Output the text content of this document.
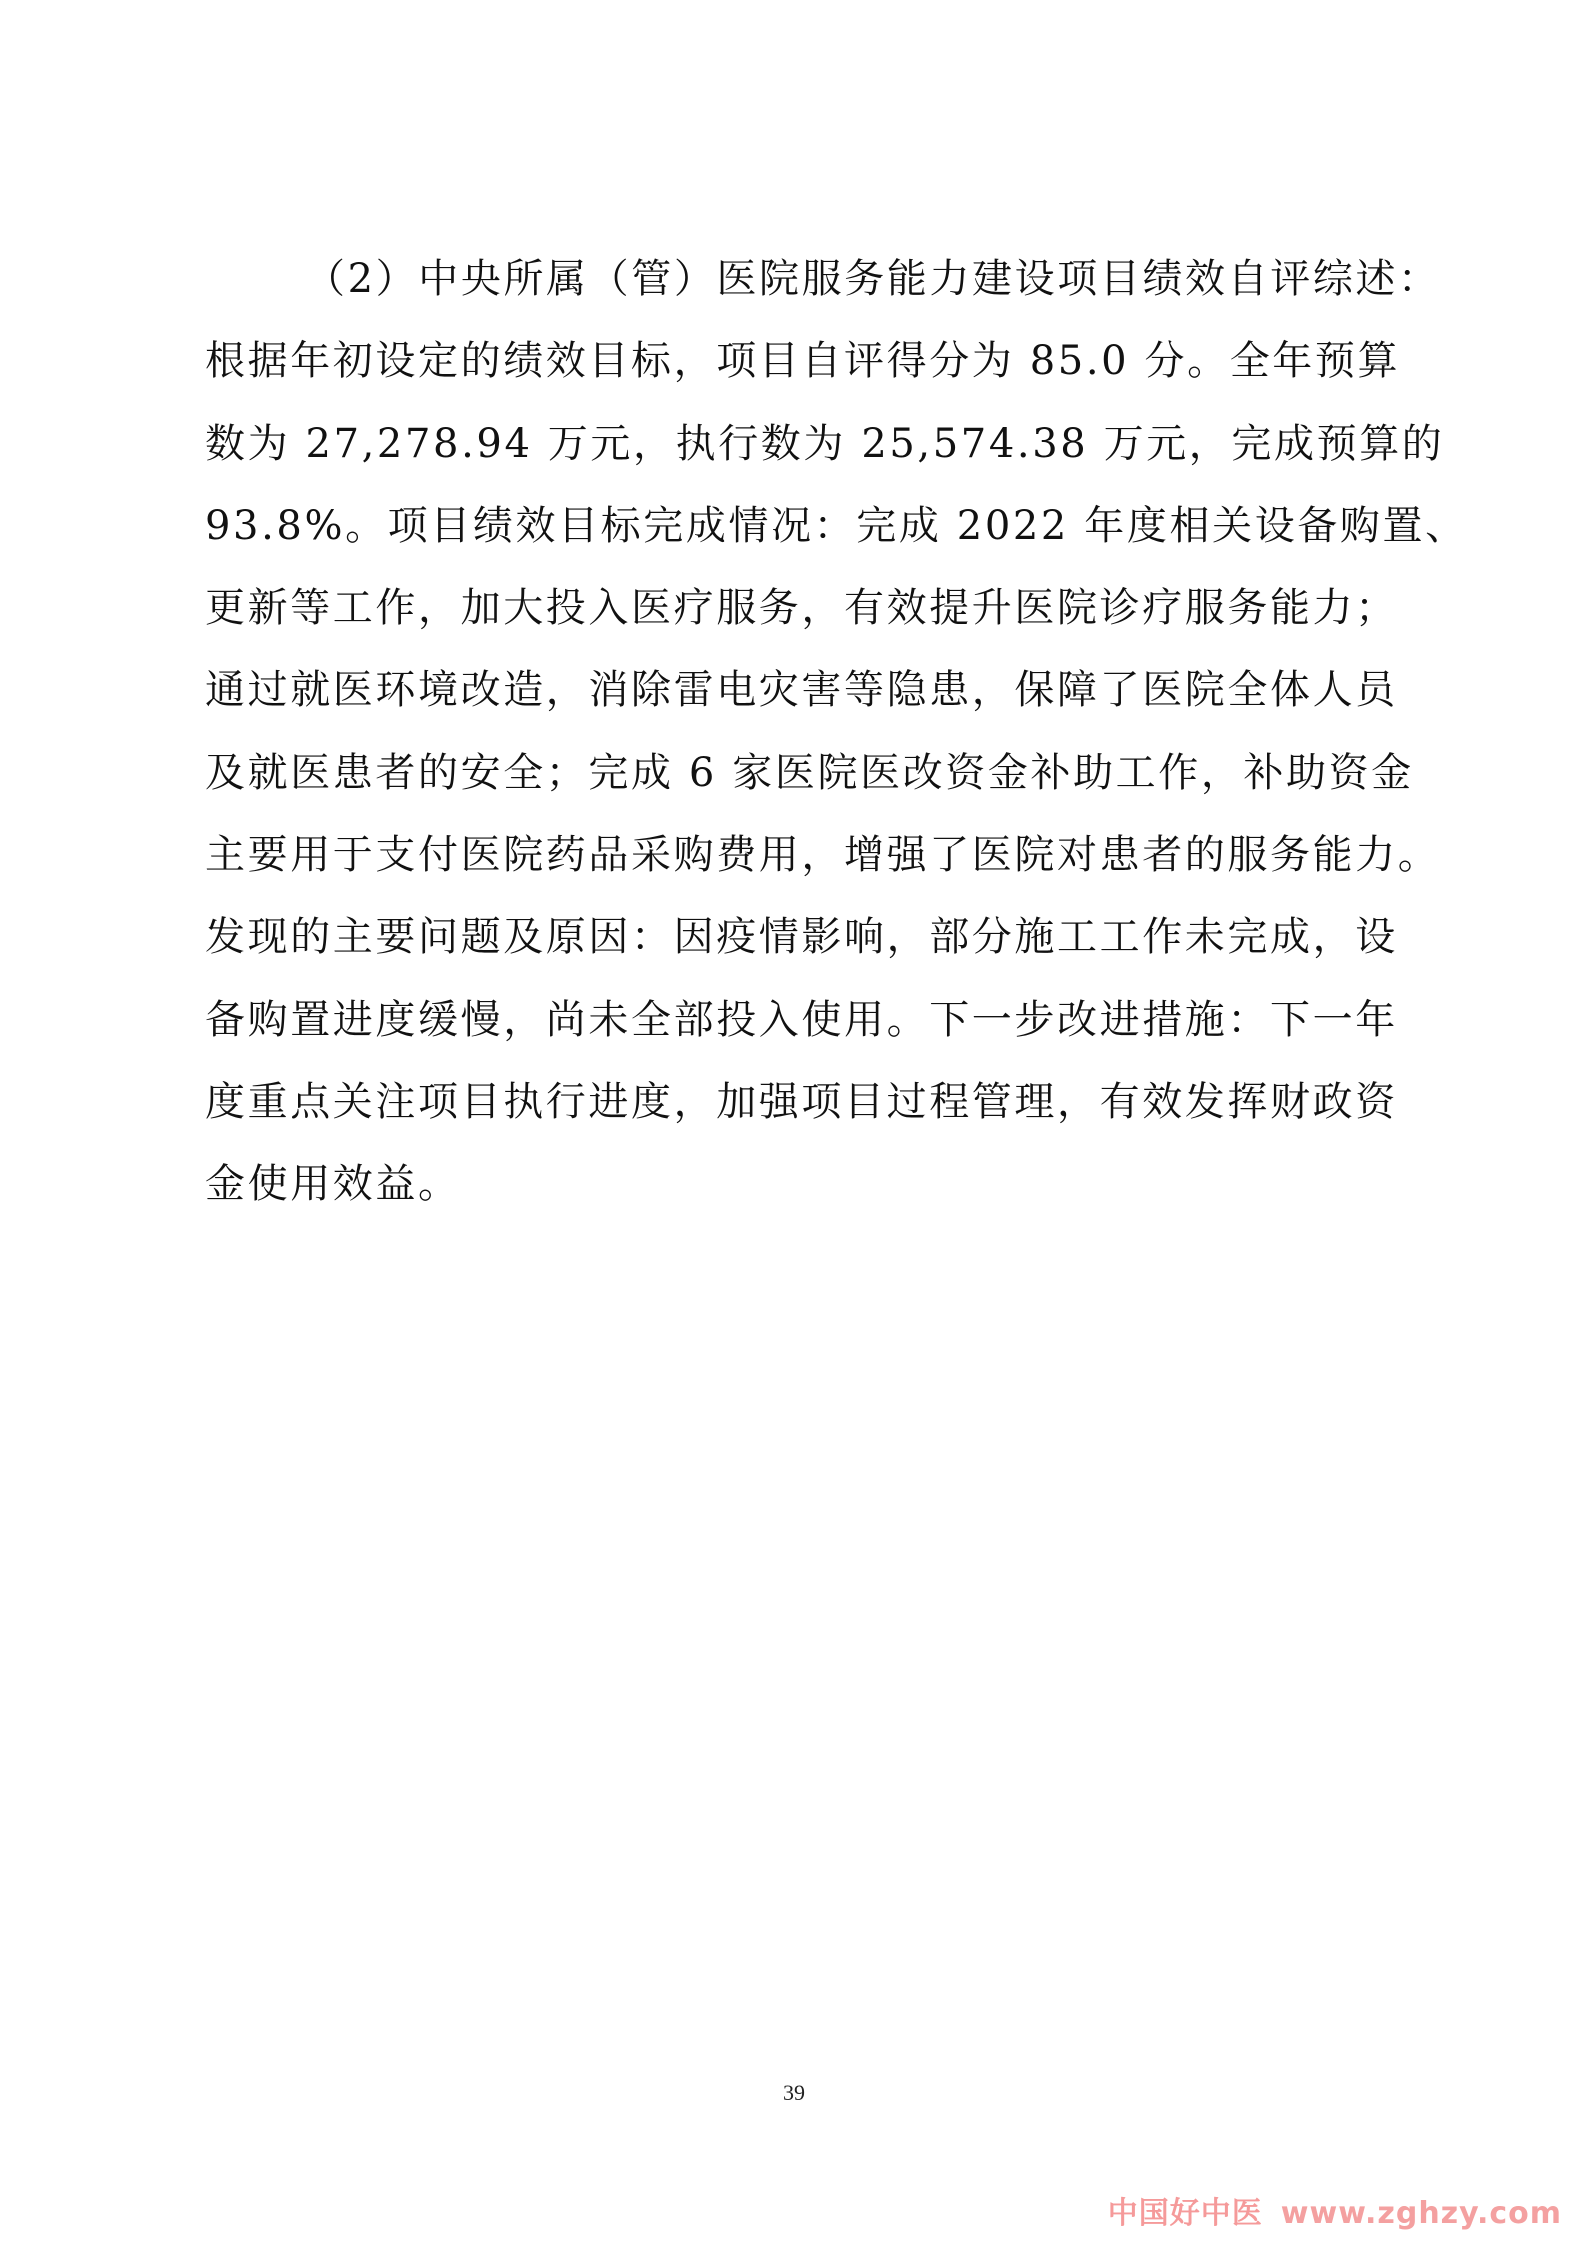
（2）中央所属（管）医院服务能力建设项目绩效自评综述：
根据年初设定的绩效目标，项目自评得分为 85.0 分。全年预算
数为 27,278.94 万元，执行数为 25,574.38 万元，完成预算的
93.8%。项目绩效目标完成情况：完成 2022 年度相关设备购置、
更新等工作，加大投入医疗服务，有效提升医院诊疗服务能力；
通过就医环境改造，消除雷电灾害等隐患，保障了医院全体人员
及就医患者的安全；完成 6 家医院医改资金补助工作，补助资金
主要用于支付医院药品采购费用，增强了医院对患者的服务能力。
发现的主要问题及原因：因疫情影响，部分施工工作未完成，设
备购置进度缓慢，尚未全部投入使用。下一步改进措施：下一年
度重点关注项目执行进度，加强项目过程管理，有效发挥财政资
金使用效益。
39
中国好中医 www.zghzy.com
